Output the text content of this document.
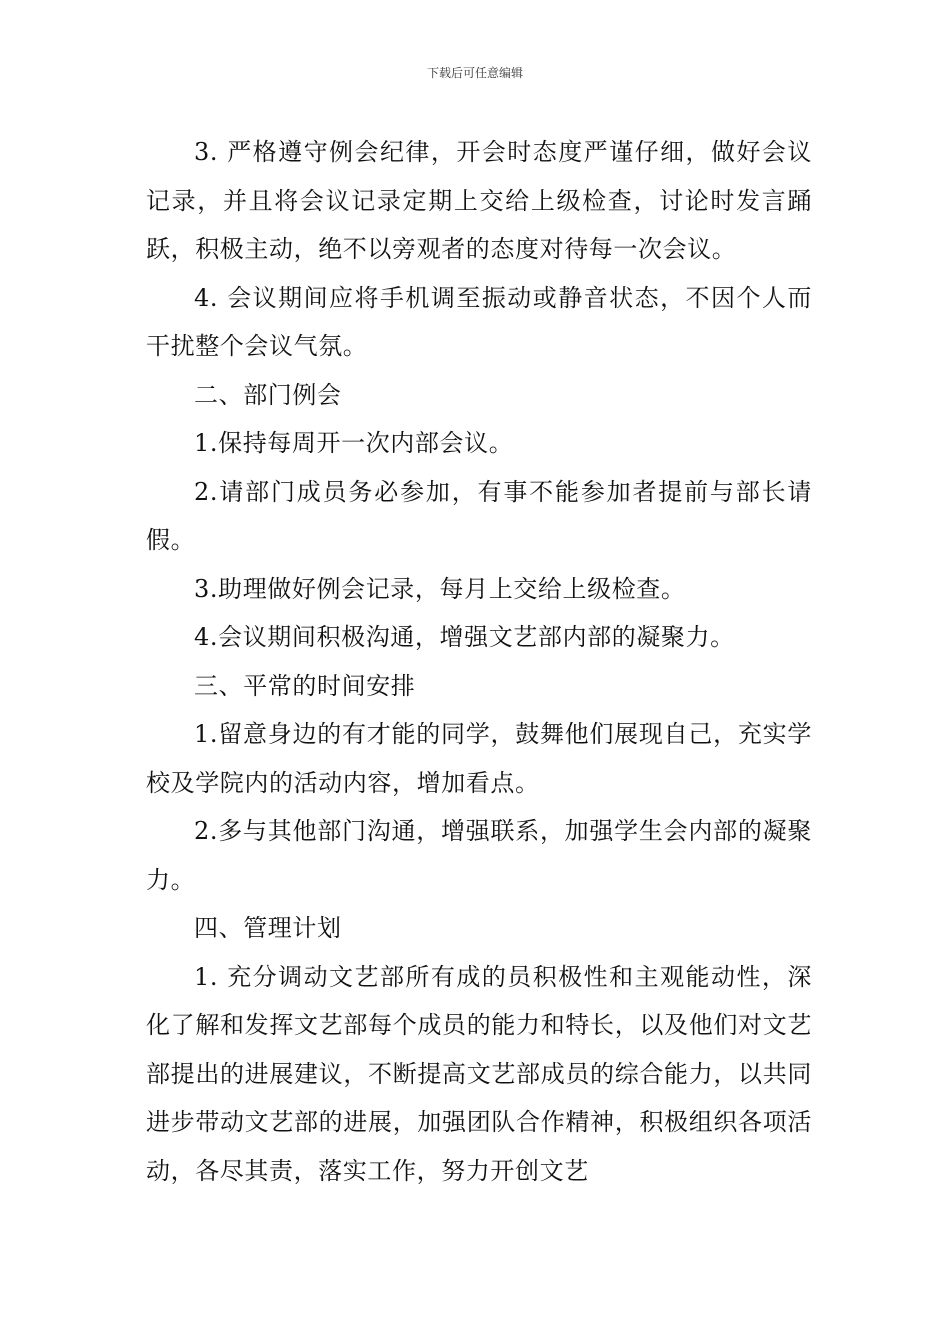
下载后可任意编辑

3. 严格遵守例会纪律，开会时态度严谨仔细，做好会议记录，并且将会议记录定期上交给上级检查，讨论时发言踊跃，积极主动，绝不以旁观者的态度对待每一次会议。

4. 会议期间应将手机调至振动或静音状态，不因个人而干扰整个会议气氛。

二、部门例会

1.保持每周开一次内部会议。

2.请部门成员务必参加，有事不能参加者提前与部长请假。

3.助理做好例会记录，每月上交给上级检查。

4.会议期间积极沟通，增强文艺部内部的凝聚力。

三、平常的时间安排

1.留意身边的有才能的同学，鼓舞他们展现自己，充实学校及学院内的活动内容，增加看点。

2.多与其他部门沟通，增强联系，加强学生会内部的凝聚力。

四、管理计划

1. 充分调动文艺部所有成的员积极性和主观能动性，深化了解和发挥文艺部每个成员的能力和特长，以及他们对文艺部提出的进展建议，不断提高文艺部成员的综合能力，以共同进步带动文艺部的进展，加强团队合作精神，积极组织各项活动，各尽其责，落实工作，努力开创文艺
